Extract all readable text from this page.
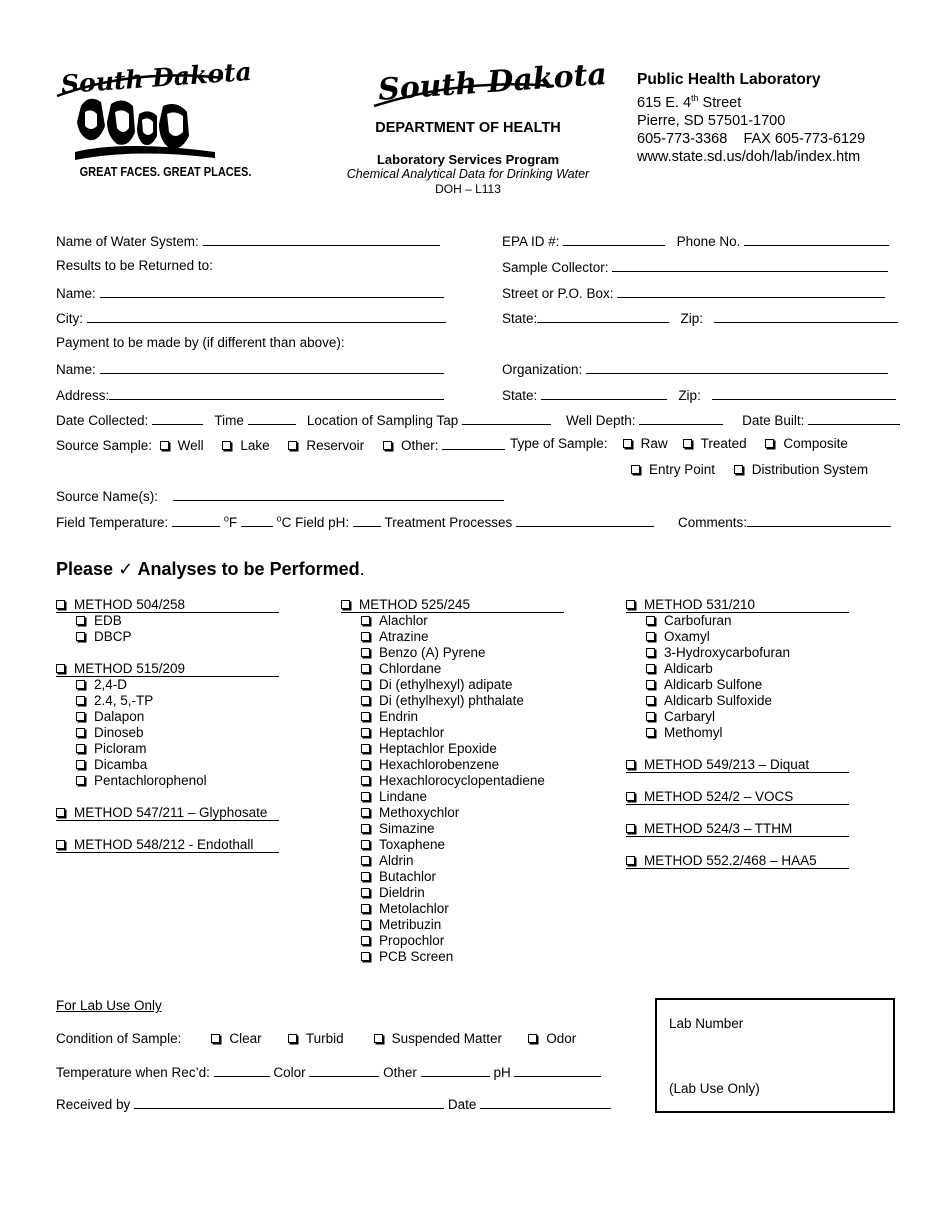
South Dakota
GREAT FACES. GREAT PLACES.
South Dakota
DEPARTMENT OF HEALTH
Laboratory Services Program
Chemical Analytical Data for Drinking Water
DOH – L113
Public Health Laboratory
615 E. 4th Street
Pierre, SD 57501-1700
605-773-3368 FAX 605-773-6129
www.state.sd.us/doh/lab/index.htm
Name of Water System:	EPA ID #:	Phone No.
Results to be Returned to:	Sample Collector:
Name:	Street or P.O. Box:
City:	State:	Zip:
Payment to be made by (if different than above):
Name:	Organization:
Address:	State:	Zip:
Date Collected:	Time	Location of Sampling Tap	Well Depth:	Date Built:
Source Sample: Well	Lake	Reservoir	Other:	Type of Sample: Raw Treated	Composite
Entry Point	Distribution System
Source Name(s):
Field Temperature:	$^o$F	$^o$C Field pH:	Treatment Processes	Comments:
Please ✓ Analyses to be Performed.
METHOD 504/258
EDB
DBCP
METHOD 515/209
2,4-D
2.4, 5,-TP
Dalapon
Dinoseb
Picloram
Dicamba
Pentachlorophenol
METHOD 547/211 – Glyphosate
METHOD 548/212 - Endothall
METHOD 525/245
Alachlor
Atrazine
Benzo (A) Pyrene
Chlordane
Di (ethylhexyl) adipate
Di (ethylhexyl) phthalate
Endrin
Heptachlor
Heptachlor Epoxide
Hexachlorobenzene
Hexachlorocyclopentadiene
Lindane
Methoxychlor
Simazine
Toxaphene
Aldrin
Butachlor
Dieldrin
Metolachlor
Metribuzin
Propochlor
PCB Screen
METHOD 531/210
Carbofuran
Oxamyl
3-Hydroxycarbofuran
Aldicarb
Aldicarb Sulfone
Aldicarb Sulfoxide
Carbaryl
Methomyl
METHOD 549/213 – Diquat
METHOD 524/2 – VOCS
METHOD 524/3 – TTHM
METHOD 552.2/468 – HAA5
For Lab Use Only
Condition of Sample:	Clear	Turbid	Suspended Matter	Odor
Temperature when Rec’d:	Color	Other	pH
Received by	Date
Lab Number
(Lab Use Only)
